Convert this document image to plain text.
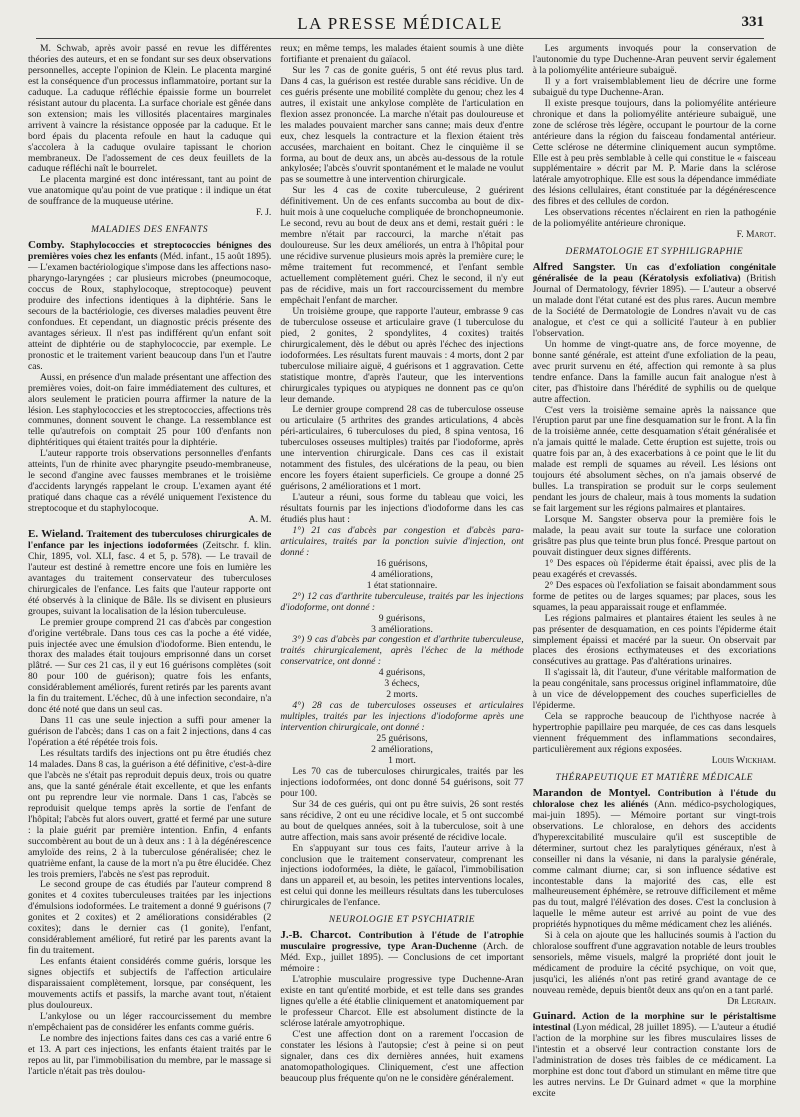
LA PRESSE MÉDICALE	331

M. Schwab, après avoir passé en revue les différentes théories des auteurs, et en se fondant sur ses deux observations personnelles, accepte l'opinion de Klein. Le placenta marginé est la conséquence d'un processus inflammatoire, portant sur la caduque. La caduque réfléchie épaissie forme un bourrelet résistant autour du placenta. La surface choriale est gênée dans son extension; mais les villosités placentaires marginales arrivent à vaincre la résistance opposée par la caduque. Et le bord épais du placenta refoule en haut la caduque qui s'accolera à la caduque ovulaire tapissant le chorion membraneux. De l'adossement de ces deux feuillets de la caduque réfléchi naît le bourrelet.

Le placenta marginé est donc intéressant, tant au point de vue anatomique qu'au point de vue pratique : il indique un état de souffrance de la muqueuse utérine.

F. J.

MALADIES DES ENFANTS

Comby. Staphylococcies et streptococcies bénignes des premières voies chez les enfants (Méd. infant., 15 août 1895). — L'examen bactériologique s'impose dans les affections naso-pharyngo-laryngées ; car plusieurs microbes (pneumocoque, coccus de Roux, staphylocoque, streptocoque) peuvent produire des infections identiques à la diphtérie. Sans le secours de la bactériologie, ces diverses maladies peuvent être confondues. Et cependant, un diagnostic précis présente des avantages sérieux. Il n'est pas indifférent qu'un enfant soit atteint de diphtérie ou de staphylococcie, par exemple. Le pronostic et le traitement varient beaucoup dans l'un et l'autre cas.

Aussi, en présence d'un malade présentant une affection des premières voies, doit-on faire immédiatement des cultures, et alors seulement le praticien pourra affirmer la nature de la lésion. Les staphylococcies et les streptococcies, affections très communes, donnent souvent le change. La ressemblance est telle qu'autrefois on comptait 25 pour 100 d'enfants non diphtéritiques qui étaient traités pour la diphtérie.

L'auteur rapporte trois observations personnelles d'enfants atteints, l'un de rhinite avec pharyngite pseudo-membraneuse, le second d'angine avec fausses membranes et le troisième d'accidents laryngés rappelant le croup. L'examen ayant été pratiqué dans chaque cas a révélé uniquement l'existence du streptocoque et du staphylocoque.

A. M.

E. Wieland. Traitement des tuberculoses chirurgicales de l'enfance par les injections iodoformées (Zeitschr. f. klin. Chir, 1895, vol. XLI, fasc. 4 et 5, p. 578). — Le travail de l'auteur est destiné à remettre encore une fois en lumière les avantages du traitement conservateur des tuberculoses chirurgicales de l'enfance. Les faits que l'auteur rapporte ont été observés à la clinique de Bâle. Ils se divisent en plusieurs groupes, suivant la localisation de la lésion tuberculeuse.

Le premier groupe comprend 21 cas d'abcès par congestion d'origine vertébrale. Dans tous ces cas la poche a été vidée, puis injectée avec une émulsion d'iodoforme. Bien entendu, le thorax des malades était toujours emprisonné dans un corset plâtré. — Sur ces 21 cas, il y eut 16 guérisons complètes (soit 80 pour 100 de guérison); quatre fois les enfants, considérablement améliorés, furent retirés par les parents avant la fin du traitement. L'échec, dû à une infection secondaire, n'a donc été noté que dans un seul cas.

Dans 11 cas une seule injection a suffi pour amener la guérison de l'abcès; dans 1 cas on a fait 2 injections, dans 4 cas l'opération a été répétée trois fois.

Les résultats tardifs des injections ont pu être étudiés chez 14 malades. Dans 8 cas, la guérison a été définitive, c'est-à-dire que l'abcès ne s'était pas reproduit depuis deux, trois ou quatre ans, que la santé générale était excellente, et que les enfants ont pu reprendre leur vie normale. Dans 1 cas, l'abcès se reproduisit quelque temps après la sortie de l'enfant de l'hôpital; l'abcès fut alors ouvert, gratté et fermé par une suture : la plaie guérit par première intention. Enfin, 4 enfants succombèrent au bout de un à deux ans : 1 à la dégénérescence amyloïde des reins, 2 à la tuberculose généralisée; chez le quatrième enfant, la cause de la mort n'a pu être élucidée. Chez les trois premiers, l'abcès ne s'est pas reproduit.

Le second groupe de cas étudiés par l'auteur comprend 8 gonites et 4 coxites tuberculeuses traitées par les injections d'émulsions iodoformées. Le traitement a donné 9 guérisons (7 gonites et 2 coxites) et 2 améliorations considérables (2 coxites); dans le dernier cas (1 gonite), l'enfant, considérablement amélioré, fut retiré par les parents avant la fin du traitement.

Les enfants étaient considérés comme guéris, lorsque les signes objectifs et subjectifs de l'affection articulaire disparaissaient complètement, lorsque, par conséquent, les mouvements actifs et passifs, la marche avant tout, n'étaient plus douloureux.

L'ankylose ou un léger raccourcissement du membre n'empêchaient pas de considérer les enfants comme guéris.

Le nombre des injections faites dans ces cas a varié entre 6 et 13. A part ces injections, les enfants étaient traités par le repos au lit, par l'immobilisation du membre, par le massage si l'article n'était pas très doulou-

reux; en même temps, les malades étaient soumis à une diète fortifiante et prenaient du gaïacol.

Sur les 7 cas de gonite guéris, 5 ont été revus plus tard. Dans 4 cas, la guérison est restée durable sans récidive. Un de ces guéris présente une mobilité complète du genou; chez les 4 autres, il existait une ankylose complète de l'articulation en flexion assez prononcée. La marche n'était pas douloureuse et les malades pouvaient marcher sans canne; mais deux d'entre eux, chez lesquels la contracture et la flexion étaient très accusées, marchaient en boitant. Chez le cinquième il se forma, au bout de deux ans, un abcès au-dessous de la rotule ankylosée; l'abcès s'ouvrit spontanément et le malade ne voulut pas se soumettre à une intervention chirurgicale.

Sur les 4 cas de coxite tuberculeuse, 2 guérirent définitivement. Un de ces enfants succomba au bout de dix-huit mois à une coqueluche compliquée de bronchopneumonie. Le second, revu au bout de deux ans et demi, restait guéri : le membre n'était par raccourci, la marche n'était pas douloureuse. Sur les deux améliorés, un entra à l'hôpital pour une récidive survenue plusieurs mois après la première cure; le même traitement fut recommencé, et l'enfant semble actuellement complètement guéri. Chez le second, il n'y eut pas de récidive, mais un fort raccourcissement du membre empêchait l'enfant de marcher.

Un troisième groupe, que rapporte l'auteur, embrasse 9 cas de tuberculose osseuse et articulaire grave (1 tuberculose du pied, 2 gonites, 2 spondylites, 4 coxites) traités chirurgicalement, dès le début ou après l'échec des injections iodoformées. Les résultats furent mauvais : 4 morts, dont 2 par tuberculose miliaire aiguë, 4 guérisons et 1 aggravation. Cette statistique montre, d'après l'auteur, que les interventions chirurgicales typiques ou atypiques ne donnent pas ce qu'on leur demande.

Le dernier groupe comprend 28 cas de tuberculose osseuse ou articulaire (5 arthrites des grandes articulations, 4 abcès péri-articulaires, 6 tuberculoses du pied, 8 spina ventosa, 16 tuberculoses osseuses multiples) traités par l'iodoforme, après une intervention chirurgicale. Dans ces cas il existait notamment des fistules, des ulcérations de la peau, ou bien encore les foyers étaient superficiels. Ce groupe a donné 25 guérisons, 2 améliorations et 1 mort.

L'auteur a réuni, sous forme du tableau que voici, les résultats fournis par les injections d'iodoforme dans les cas étudiés plus haut :

1°) 21 cas d'abcès par congestion et d'abcès para-articulaires, traités par la ponction suivie d'injection, ont donné :

16 guérisons,

4 améliorations,

1 état stationnaire.

2°) 12 cas d'arthrite tuberculeuse, traités par les injections d'iodoforme, ont donné :

9 guérisons,

3 améliorations.

3°) 9 cas d'abcès par congestion et d'arthrite tuberculeuse, traités chirurgicalement, après l'échec de la méthode conservatrice, ont donné :

4 guérisons,

3 échecs,

2 morts.

4°) 28 cas de tuberculoses osseuses et articulaires multiples, traités par les injections d'iodoforme après une intervention chirurgicale, ont donné :

25 guérisons,

2 améliorations,

1 mort.

Les 70 cas de tuberculoses chirurgicales, traités par les injections iodoformées, ont donc donné 54 guérisons, soit 77 pour 100.

Sur 34 de ces guéris, qui ont pu être suivis, 26 sont restés sans récidive, 2 ont eu une récidive locale, et 5 ont succombé au bout de quelques années, soit à la tuberculose, soit à une autre affection, mais sans avoir présenté de récidive locale.

En s'appuyant sur tous ces faits, l'auteur arrive à la conclusion que le traitement conservateur, comprenant les injections iodoformées, la diète, le gaïacol, l'immobilisation dans un appareil et, au besoin, les petites interventions locales, est celui qui donne les meilleurs résultats dans les tuberculoses chirurgicales de l'enfance.

NEUROLOGIE ET PSYCHIATRIE

J.-B. Charcot. Contribution à l'étude de l'atrophie musculaire progressive, type Aran-Duchenne (Arch. de Méd. Exp., juillet 1895). — Conclusions de cet important mémoire :

L'atrophie musculaire progressive type Duchenne-Aran existe en tant qu'entité morbide, et est telle dans ses grandes lignes qu'elle a été établie cliniquement et anatomiquement par le professeur Charcot. Elle est absolument distincte de la sclérose latérale amyotrophique.

C'est une affection dont on a rarement l'occasion de constater les lésions à l'autopsie; c'est à peine si on peut signaler, dans ces dix dernières années, huit examens anatomopathologiques. Cliniquement, c'est une affection beaucoup plus fréquente qu'on ne le considère généralement.

Les arguments invoqués pour la conservation de l'autonomie du type Duchenne-Aran peuvent servir également à la poliomyélite antérieure subaiguë.

Il y a fort vraisemblablement lieu de décrire une forme subaiguë du type Duchenne-Aran.

Il existe presque toujours, dans la poliomyélite antérieure chronique et dans la poliomyélite antérieure subaiguë, une zone de sclérose très légère, occupant le pourtour de la corne antérieure dans la région du faisceau fondamental antérieur. Cette sclérose ne détermine cliniquement aucun symptôme. Elle est à peu près semblable à celle qui constitue le « faisceau supplémentaire » décrit par M. P. Marie dans la sclérose latérale amyotrophique. Elle est sous la dépendance immédiate des lésions cellulaires, étant constituée par la dégénérescence des fibres et des cellules de cordon.

Les observations récentes n'éclairent en rien la pathogénie de la poliomyélite antérieure chronique.

F. Marot.

DERMATOLOGIE ET SYPHILIGRAPHIE

Alfred Sangster. Un cas d'exfoliation congénitale généralisée de la peau (Kératolysis exfoliativa) (British Journal of Dermatology, février 1895). — L'auteur a observé un malade dont l'état cutané est des plus rares. Aucun membre de la Société de Dermatologie de Londres n'avait vu de cas analogue, et c'est ce qui a sollicité l'auteur à en publier l'observation.

Un homme de vingt-quatre ans, de force moyenne, de bonne santé générale, est atteint d'une exfoliation de la peau, avec prurit survenu en été, affection qui remonte à sa plus tendre enfance. Dans la famille aucun fait analogue n'est à citer, pas d'histoire dans l'hérédité de syphilis ou de quelque autre affection.

C'est vers la troisième semaine après la naissance que l'éruption parut par une fine desquamation sur le front. A la fin de la troisième année, cette desquamation s'était généralisée et n'a jamais quitté le malade. Cette éruption est sujette, trois ou quatre fois par an, à des exacerbations à ce point que le lit du malade est rempli de squames au réveil. Les lésions ont toujours été absolument sèches, on n'a jamais observé de bulles. La transpiration se produit sur le corps seulement pendant les jours de chaleur, mais à tous moments la sudation se fait largement sur les régions palmaires et plantaires.

Lorsque M. Sangster observa pour la première fois le malade, la peau avait sur toute la surface une coloration grisâtre pas plus que teinte brun plus foncé. Presque partout on pouvait distinguer deux signes différents.

1° Des espaces où l'épiderme était épaissi, avec plis de la peau exagérés et crevassés.

2° Des espaces où l'exfoliation se faisait abondamment sous forme de petites ou de larges squames; par places, sous les squames, la peau apparaissait rouge et enflammée.

Les régions palmaires et plantaires étaient les seules à ne pas présenter de desquamation, en ces points l'épiderme était simplement épaissi et macéré par la sueur. On observait par places des érosions ecthymateuses et des excoriations consécutives au grattage. Pas d'altérations urinaires.

Il s'agissait là, dit l'auteur, d'une véritable malformation de la peau congénitale, sans processus originel inflammatoire, dûe à un vice de développement des couches superficielles de l'épiderme.

Cela se rapproche beaucoup de l'ichthyose nacrée à hypertrophie papillaire peu marquée, de ces cas dans lesquels viennent fréquemment des inflammations secondaires, particulièrement aux régions exposées.

Louis Wickham.

THÉRAPEUTIQUE ET MATIÈRE MÉDICALE

Marandon de Montyel. Contribution à l'étude du chloralose chez les aliénés (Ann. médico-psychologiques, mai-juin 1895). — Mémoire portant sur vingt-trois observations. Le chloralose, en dehors des accidents d'hyperexcitabilité musculaire qu'il est susceptible de déterminer, surtout chez les paralytiques généraux, n'est à conseiller ni dans la vésanie, ni dans la paralysie générale, comme calmant diurne; car, si son influence sédative est incontestable dans la majorité des cas, elle est malheureusement éphémère, se retrouve difficilement et même pas du tout, malgré l'élévation des doses. C'est la conclusion à laquelle le même auteur est arrivé au point de vue des propriétés hypnotiques du même médicament chez les aliénés.

Si à cela on ajoute que les hallucinés soumis à l'action du chloralose souffrent d'une aggravation notable de leurs troubles sensoriels, même visuels, malgré la propriété dont jouit le médicament de produire la cécité psychique, on voit que, jusqu'ici, les aliénés n'ont pas retiré grand avantage de ce nouveau remède, depuis bientôt deux ans qu'on en a tant parlé.

Dr Legrain.

Guinard. Action de la morphine sur le péristaltisme intestinal (Lyon médical, 28 juillet 1895). — L'auteur a étudié l'action de la morphine sur les fibres musculaires lisses de l'intestin et a observé leur contraction constante lors de l'administration de doses très faibles de ce médicament. La morphine est donc tout d'abord un stimulant en même titre que les autres nervins. Le Dr Guinard admet « que la morphine excite
